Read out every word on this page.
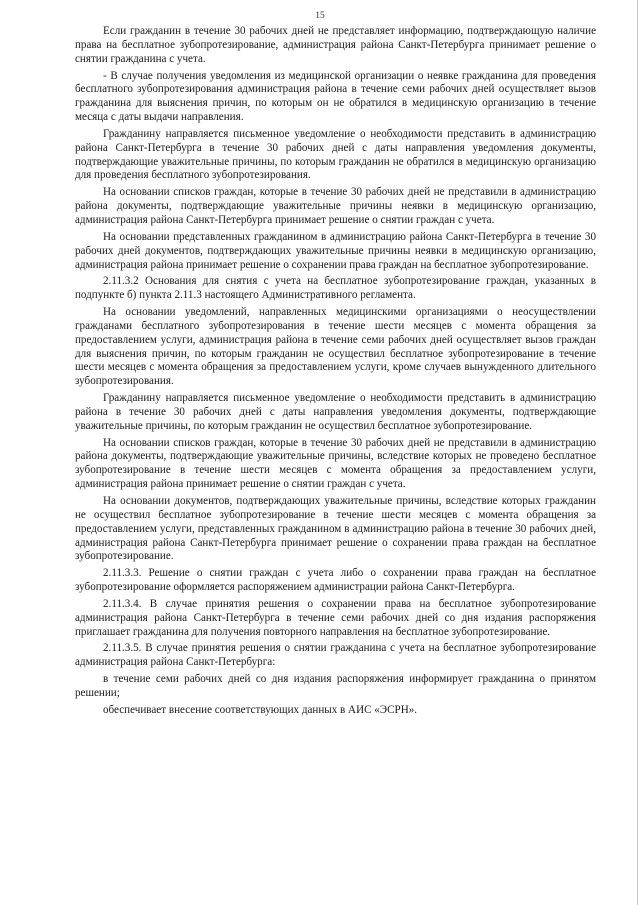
15

Если гражданин в течение 30 рабочих дней не представляет информацию, подтверждающую наличие права на бесплатное зубопротезирование, администрация района Санкт-Петербурга принимает решение о снятии гражданина с учета.

- В случае получения уведомления из медицинской организации о неявке гражданина для проведения бесплатного зубопротезирования администрация района в течение семи рабочих дней осуществляет вызов гражданина для выяснения причин, по которым он не обратился в медицинскую организацию в течение месяца с даты выдачи направления.

Гражданину направляется письменное уведомление о необходимости представить в администрацию района Санкт-Петербурга в течение 30 рабочих дней с даты направления уведомления документы, подтверждающие уважительные причины, по которым гражданин не обратился в медицинскую организацию для проведения бесплатного зубопротезирования.

На основании списков граждан, которые в течение 30 рабочих дней не представили в администрацию района документы, подтверждающие уважительные причины неявки в медицинскую организацию, администрация района Санкт-Петербурга принимает решение о снятии граждан с учета.

На основании представленных гражданином в администрацию района Санкт-Петербурга в течение 30 рабочих дней документов, подтверждающих уважительные причины неявки в медицинскую организацию, администрация района принимает решение о сохранении права граждан на бесплатное зубопротезирование.

2.11.3.2 Основания для снятия с учета на бесплатное зубопротезирование граждан, указанных в подпункте б) пункта 2.11.3 настоящего Административного регламента.

На основании уведомлений, направленных медицинскими организациями о неосуществлении гражданами бесплатного зубопротезирования в течение шести месяцев с момента обращения за предоставлением услуги, администрация района в течение семи рабочих дней осуществляет вызов граждан для выяснения причин, по которым гражданин не осуществил бесплатное зубопротезирование в течение шести месяцев с момента обращения за предоставлением услуги, кроме случаев вынужденного длительного зубопротезирования.

Гражданину направляется письменное уведомление о необходимости представить в администрацию района в течение 30 рабочих дней с даты направления уведомления документы, подтверждающие уважительные причины, по которым гражданин не осуществил бесплатное зубопротезирование.

На основании списков граждан, которые в течение 30 рабочих дней не представили в администрацию района документы, подтверждающие уважительные причины, вследствие которых не проведено бесплатное зубопротезирование в течение шести месяцев с момента обращения за предоставлением услуги, администрация района принимает решение о снятии граждан с учета.

На основании документов, подтверждающих уважительные причины, вследствие которых гражданин не осуществил бесплатное зубопротезирование в течение шести месяцев с момента обращения за предоставлением услуги, представленных гражданином в администрацию района в течение 30 рабочих дней, администрация района Санкт-Петербурга принимает решение о сохранении права граждан на бесплатное зубопротезирование.

2.11.3.3. Решение о снятии граждан с учета либо о сохранении права граждан на бесплатное зубопротезирование оформляется распоряжением администрации района Санкт-Петербурга.

2.11.3.4. В случае принятия решения о сохранении права на бесплатное зубопротезирование администрация района Санкт-Петербурга в течение семи рабочих дней со дня издания распоряжения приглашает гражданина для получения повторного направления на бесплатное зубопротезирование.

2.11.3.5. В случае принятия решения о снятии гражданина с учета на бесплатное зубопротезирование администрация района Санкт-Петербурга:

в течение семи рабочих дней со дня издания распоряжения информирует гражданина о принятом решении;

обеспечивает внесение соответствующих данных в АИС «ЭСРН».
